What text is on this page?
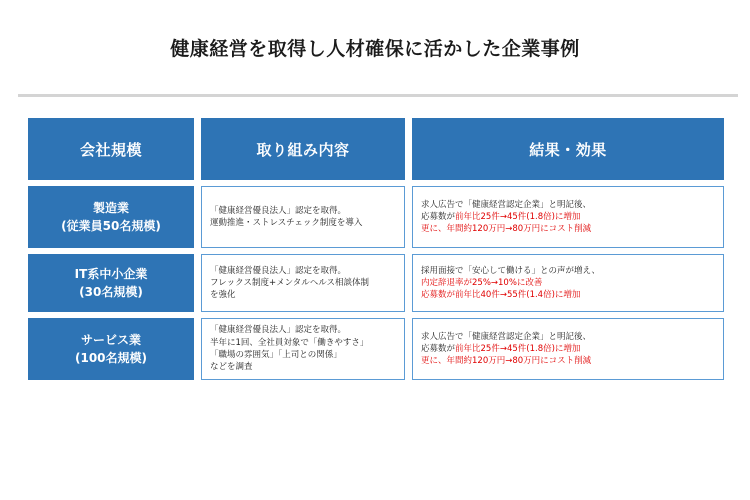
健康経営を取得し人材確保に活かした企業事例
会社規模	取り組み内容	結果・効果
製造業
(従業員50名規模)
「健康経営優良法人」認定を取得。
運動推進・ストレスチェック制度を導入
求人広告で「健康経営認定企業」と明記後、
応募数が前年比25件→45件(1.8倍)に増加
更に、年間約120万円→80万円にコスト削減
IT系中小企業
(30名規模)
「健康経営優良法人」認定を取得。
フレックス制度+メンタルヘルス相談体制
を強化
採用面接で「安心して働ける」との声が増え、
内定辞退率が25%→10%に改善
応募数が前年比40件→55件(1.4倍)に増加
サービス業
(100名規模)
「健康経営優良法人」認定を取得。
半年に1回、全社員対象で「働きやすさ」
「職場の雰囲気」「上司との関係」
などを調査
求人広告で「健康経営認定企業」と明記後、
応募数が前年比25件→45件(1.8倍)に増加
更に、年間約120万円→80万円にコスト削減
